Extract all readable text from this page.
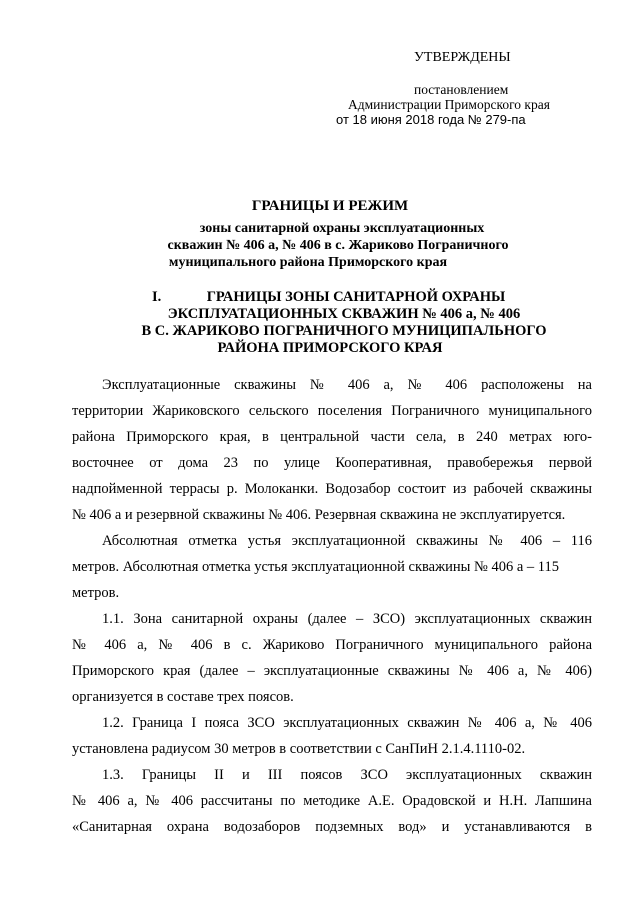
УТВЕРЖДЕНЫ
постановлением
Администрации Приморского края
от 18 июня 2018 года № 279-па
ГРАНИЦЫ И РЕЖИМ
зоны санитарной охраны эксплуатационных
скважин № 406 а, № 406 в с. Жариково Пограничного
муниципального района Приморского края
I.	ГРАНИЦЫ ЗОНЫ САНИТАРНОЙ ОХРАНЫ
ЭКСПЛУАТАЦИОННЫХ СКВАЖИН № 406 а, № 406
В С. ЖАРИКОВО ПОГРАНИЧНОГО МУНИЦИПАЛЬНОГО
РАЙОНА ПРИМОРСКОГО КРАЯ
Эксплуатационные скважины № 406 а, № 406 расположены на
территории Жариковского сельского поселения Пограничного муниципального
района Приморского края, в центральной части села, в 240 метрах юго-
восточнее от дома 23 по улице Кооперативная, правобережья первой
надпойменной террасы р. Молоканки. Водозабор состоит из рабочей скважины
№ 406 а и резервной скважины № 406. Резервная скважина не эксплуатируется.
Абсолютная отметка устья эксплуатационной скважины № 406 – 116
метров. Абсолютная отметка устья эксплуатационной скважины № 406 а – 115
метров.
1.1. Зона санитарной охраны (далее – ЗСО) эксплуатационных скважин
№ 406 а, № 406 в с. Жариково Пограничного муниципального района
Приморского края (далее – эксплуатационные скважины № 406 а, № 406)
организуется в составе трех поясов.
1.2. Граница I пояса ЗСО эксплуатационных скважин № 406 а, № 406
установлена радиусом 30 метров в соответствии с СанПиН 2.1.4.1110-02.
1.3. Границы II и III поясов ЗСО эксплуатационных скважин
№ 406 а, № 406 рассчитаны по методике А.Е. Орадовской и Н.Н. Лапшина
«Санитарная охрана водозаборов подземных вод» и устанавливаются в
